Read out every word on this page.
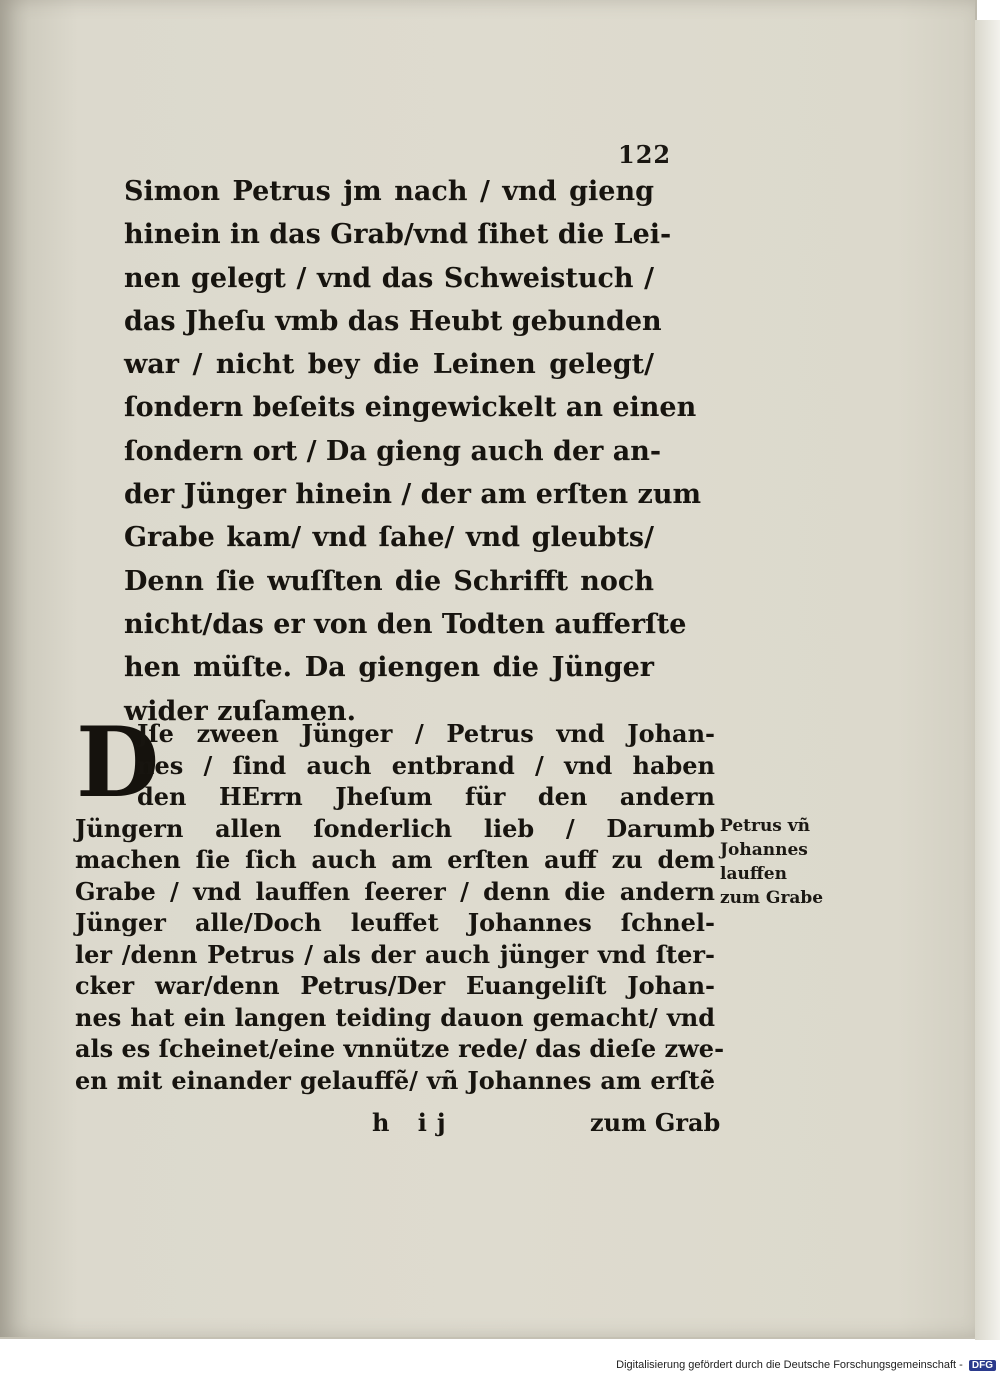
122
Simon Petrus jm nach / vnd gieng
hinein in das Grab/vnd ſihet die Lei-
nen gelegt / vnd das Schweistuch /
das Jheſu vmb das Heubt gebunden
war / nicht bey die Leinen gelegt/
ſondern beſeits eingewickelt an einen
ſondern ort / Da gieng auch der an-
der Jünger hinein / der am erſten zum
Grabe kam/ vnd ſahe/ vnd gleubts/
Denn ſie wuſſten die Schrifft noch
nicht/das er von den Todten aufferſte
hen müſte. Da giengen die Jünger
wider zuſamen.
D
Jſe zween Jünger / Petrus vnd Johan-
nes / ſind auch entbrand / vnd haben
den HErrn Jheſum für den andern
Jüngern allen ſonderlich lieb / Darumb
machen ſie ſich auch am erſten auff zu dem
Grabe / vnd lauffen ſeerer / denn die andern
Jünger alle/Doch leuffet Johannes ſchnel-
ler /denn Petrus / als der auch jünger vnd ſter-
cker war/denn Petrus/Der Euangeliſt Johan-
nes hat ein langen teiding dauon gemacht/ vnd
als es ſcheinet/eine vnnütze rede/ das dieſe zwe-
en mit einander gelauffẽ/ vñ Johannes am erſtẽ
h ij	zum Grab
Petrus vñ
Johannes
lauffen
zum Grabe
Digitalisierung gefördert durch die Deutsche Forschungsgemeinschaft - DFG
